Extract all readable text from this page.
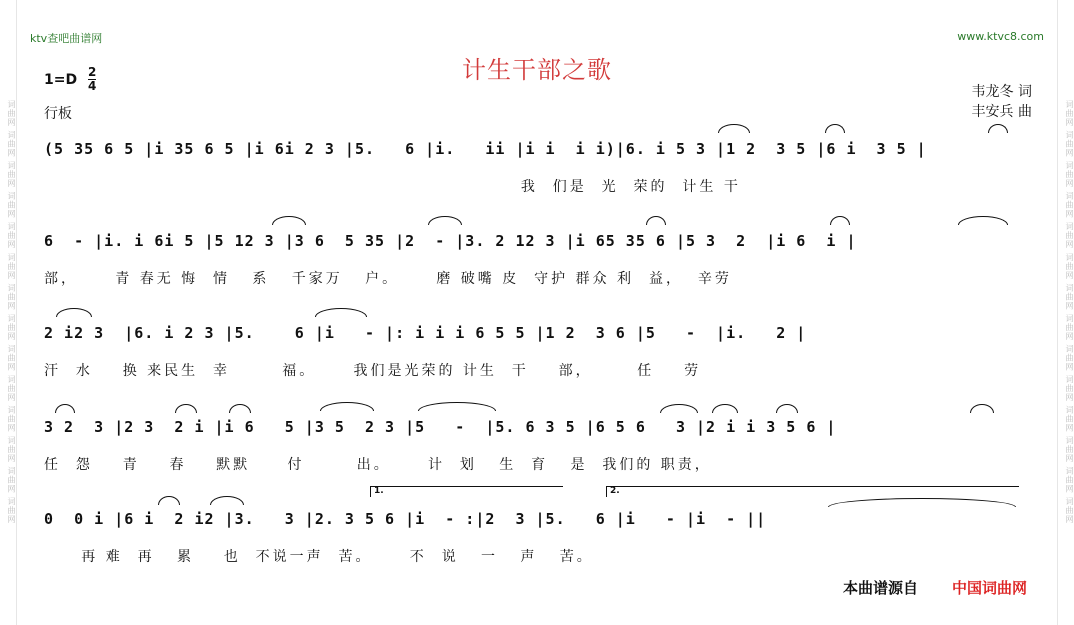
词曲网 词曲网 词曲网 词曲网 词曲网 词曲网 词曲网 词曲网 词曲网 词曲网 词曲网 词曲网 词曲网 词曲网	词曲网 词曲网 词曲网 词曲网 词曲网 词曲网 词曲网 词曲网 词曲网 词曲网 词曲网 词曲网 词曲网 词曲网
ktv查吧曲谱网	www.ktvc8.com
计生干部之歌
1=D 2
4
行板
韦龙冬 词
丰安兵 曲
1.	2.
(5 35 6 5 |i 35 6 5 |i 6i 2 3 |5.   6 |i.   ii |i i  i i)|6. i 5 3 |1 2  3 5 |6 i  3 5 |
我  们是  光  荣的  计生 干
6  - |i. i 6i 5 |5 12 3 |3 6  5 35 |2  - |3. 2 12 3 |i 65 35 6 |5 3  2  |i 6  i |
部，     青 春无 悔  情   系   千家万   户。     磨 破嘴 皮  守护 群众 利  益，  辛劳
2 i2 3  |6. i 2 3 |5.    6 |i   - |: i i i 6 5 5 |1 2  3 6 |5   -  |i.   2 |
汗  水    换 来民生  幸       福。     我们是光荣的 计生  干    部，      任    劳
3 2  3 |2 3  2 i |i 6   5 |3 5  2 3 |5   -  |5. 6 3 5 |6 5 6   3 |2 i i 3 5 6 |
任  怨    青    春    默默     付       出。     计  划   生  育   是  我们的 职责，
0  0 i |6 i  2 i2 |3.   3 |2. 3 5 6 |i  - :|2  3 |5.   6 |i   - |i  - ||
再 难  再   累    也  不说一声  苦。     不  说   一   声   苦。
本曲谱源自 中国词曲网
